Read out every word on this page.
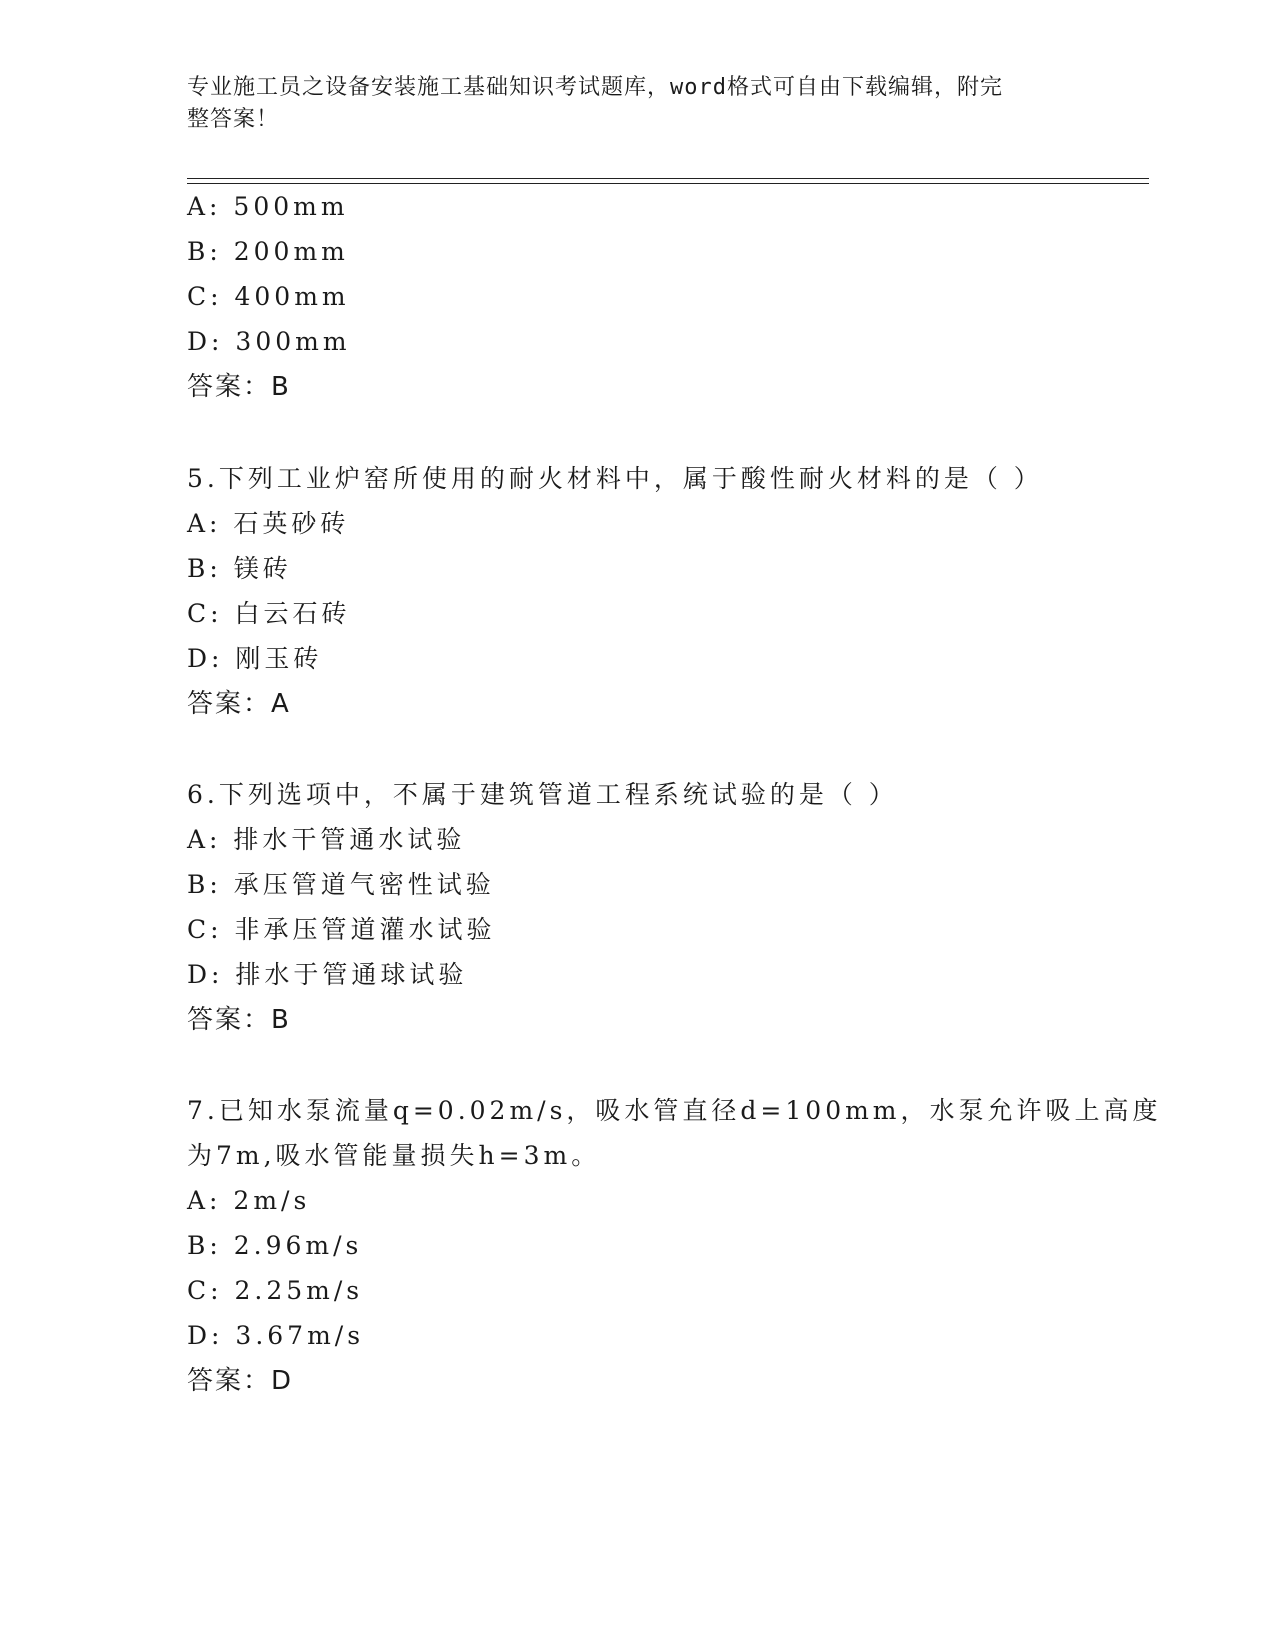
专业施工员之设备安装施工基础知识考试题库，word格式可自由下载编辑，附完
整答案！
A: 500mm
B: 200mm
C: 400mm
D: 300mm
答案：B
5.下列工业炉窑所使用的耐火材料中，属于酸性耐火材料的是（ ）
A: 石英砂砖
B: 镁砖
C: 白云石砖
D: 刚玉砖
答案：A
6.下列选项中，不属于建筑管道工程系统试验的是（ ）
A: 排水干管通水试验
B: 承压管道气密性试验
C: 非承压管道灌水试验
D: 排水于管通球试验
答案：B
7.已知水泵流量q=0.02m/s，吸水管直径d=100mm，水泵允许吸上高度
为7m,吸水管能量损失h=3m。
A: 2m/s
B: 2.96m/s
C: 2.25m/s
D: 3.67m/s
答案：D
